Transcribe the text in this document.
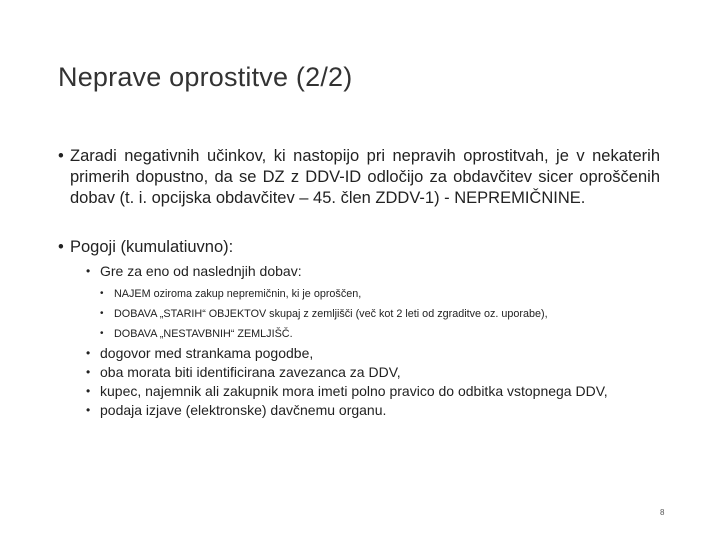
Neprave oprostitve (2/2)

• Zaradi negativnih učinkov, ki nastopijo pri nepravih oprostitvah, je v nekaterih primerih dopustno, da se DZ z DDV-ID odločijo za obdavčitev sicer oproščenih dobav (t. i. opcijska obdavčitev – 45. člen ZDDV-1) - NEPREMIČNINE.

• Pogoji (kumulatiuvno):

• Gre za eno od naslednjih dobav:

• NAJEM oziroma zakup nepremičnin, ki je oproščen,

• DOBAVA „STARIH“ OBJEKTOV skupaj z zemljišči (več kot 2 leti od zgraditve oz. uporabe),

• DOBAVA „NESTAVBNIH“ ZEMLJIŠČ.

• dogovor med strankama pogodbe,

• oba morata biti identificirana zavezanca za DDV,

• kupec, najemnik ali zakupnik mora imeti polno pravico do odbitka vstopnega DDV,

• podaja izjave (elektronske) davčnemu organu.

8
